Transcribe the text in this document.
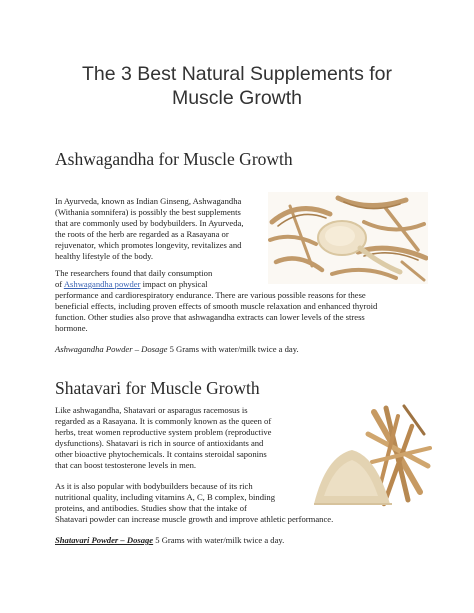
The 3 Best Natural Supplements for
Muscle Growth
Ashwagandha for Muscle Growth
In Ayurveda, known as Indian Ginseng, Ashwagandha
(Withania somnifera) is possibly the best supplements
that are commonly used by bodybuilders. In Ayurveda,
the roots of the herb are regarded as a Rasayana or
rejuvenator, which promotes longevity, revitalizes and
healthy lifestyle of the body.
The researchers found that daily consumption
of Ashwagandha powder impact on physical
performance and cardiorespiratory endurance. There are various possible reasons for these
beneficial effects, including proven effects of smooth muscle relaxation and enhanced thyroid
function. Other studies also prove that ashwagandha extracts can lower levels of the stress
hormone.
Ashwagandha Powder – Dosage 5 Grams with water/milk twice a day.
Shatavari for Muscle Growth
Like ashwagandha, Shatavari or asparagus racemosus is
regarded as a Rasayana. It is commonly known as the queen of
herbs, treat women reproductive system problem (reproductive
dysfunctions). Shatavari is rich in source of antioxidants and
other bioactive phytochemicals. It contains steroidal saponins
that can boost testosterone levels in men.
As it is also popular with bodybuilders because of its rich
nutritional quality, including vitamins A, C, B complex, binding
proteins, and antibodies. Studies show that the intake of
Shatavari powder can increase muscle growth and improve athletic performance.
Shatavari Powder – Dosage 5 Grams with water/milk twice a day.
